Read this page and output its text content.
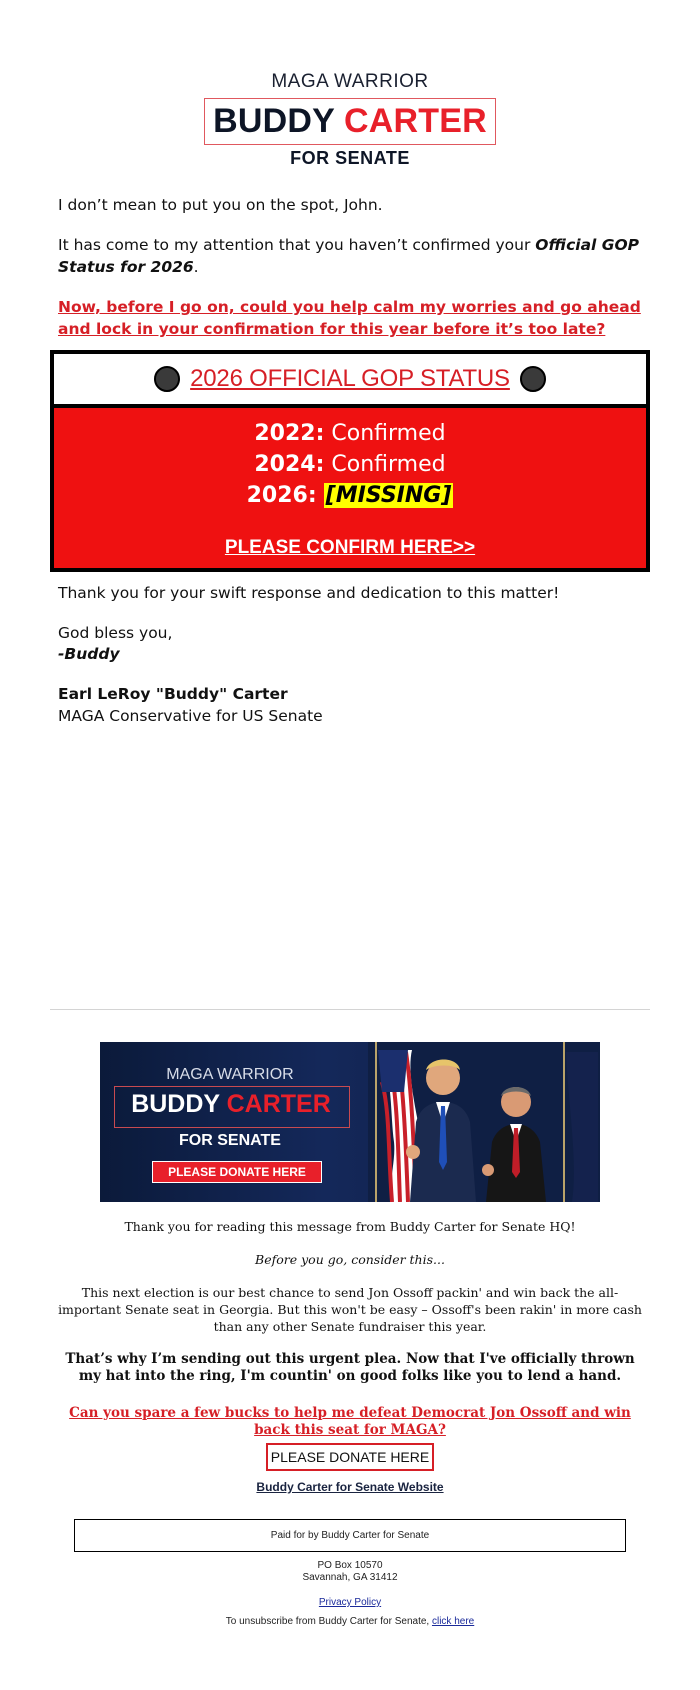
MAGA WARRIOR
BUDDY CARTER
FOR SENATE
I don’t mean to put you on the spot, John.
It has come to my attention that you haven’t confirmed your Official GOP Status for 2026.
Now, before I go on, could you help calm my worries and go ahead and lock in your confirmation for this year before it’s too late?
2026 OFFICIAL GOP STATUS
2022: Confirmed
2024: Confirmed
2026: [MISSING]
PLEASE CONFIRM HERE>>
Thank you for your swift response and dedication to this matter!
God bless you,
-Buddy
Earl LeRoy "Buddy" Carter
MAGA Conservative for US Senate
MAGA WARRIOR
BUDDY CARTER
FOR SENATE
PLEASE DONATE HERE
Thank you for reading this message from Buddy Carter for Senate HQ!
Before you go, consider this...
This next election is our best chance to send Jon Ossoff packin' and win back the all-important Senate seat in Georgia. But this won't be easy – Ossoff's been rakin' in more cash than any other Senate fundraiser this year.
That’s why I’m sending out this urgent plea. Now that I've officially thrown my hat into the ring, I'm countin' on good folks like you to lend a hand.
Can you spare a few bucks to help me defeat Democrat Jon Ossoff and win back this seat for MAGA?
PLEASE DONATE HERE
Buddy Carter for Senate Website
Paid for by Buddy Carter for Senate
PO Box 10570
Savannah, GA 31412
Privacy Policy
To unsubscribe from Buddy Carter for Senate, click here
